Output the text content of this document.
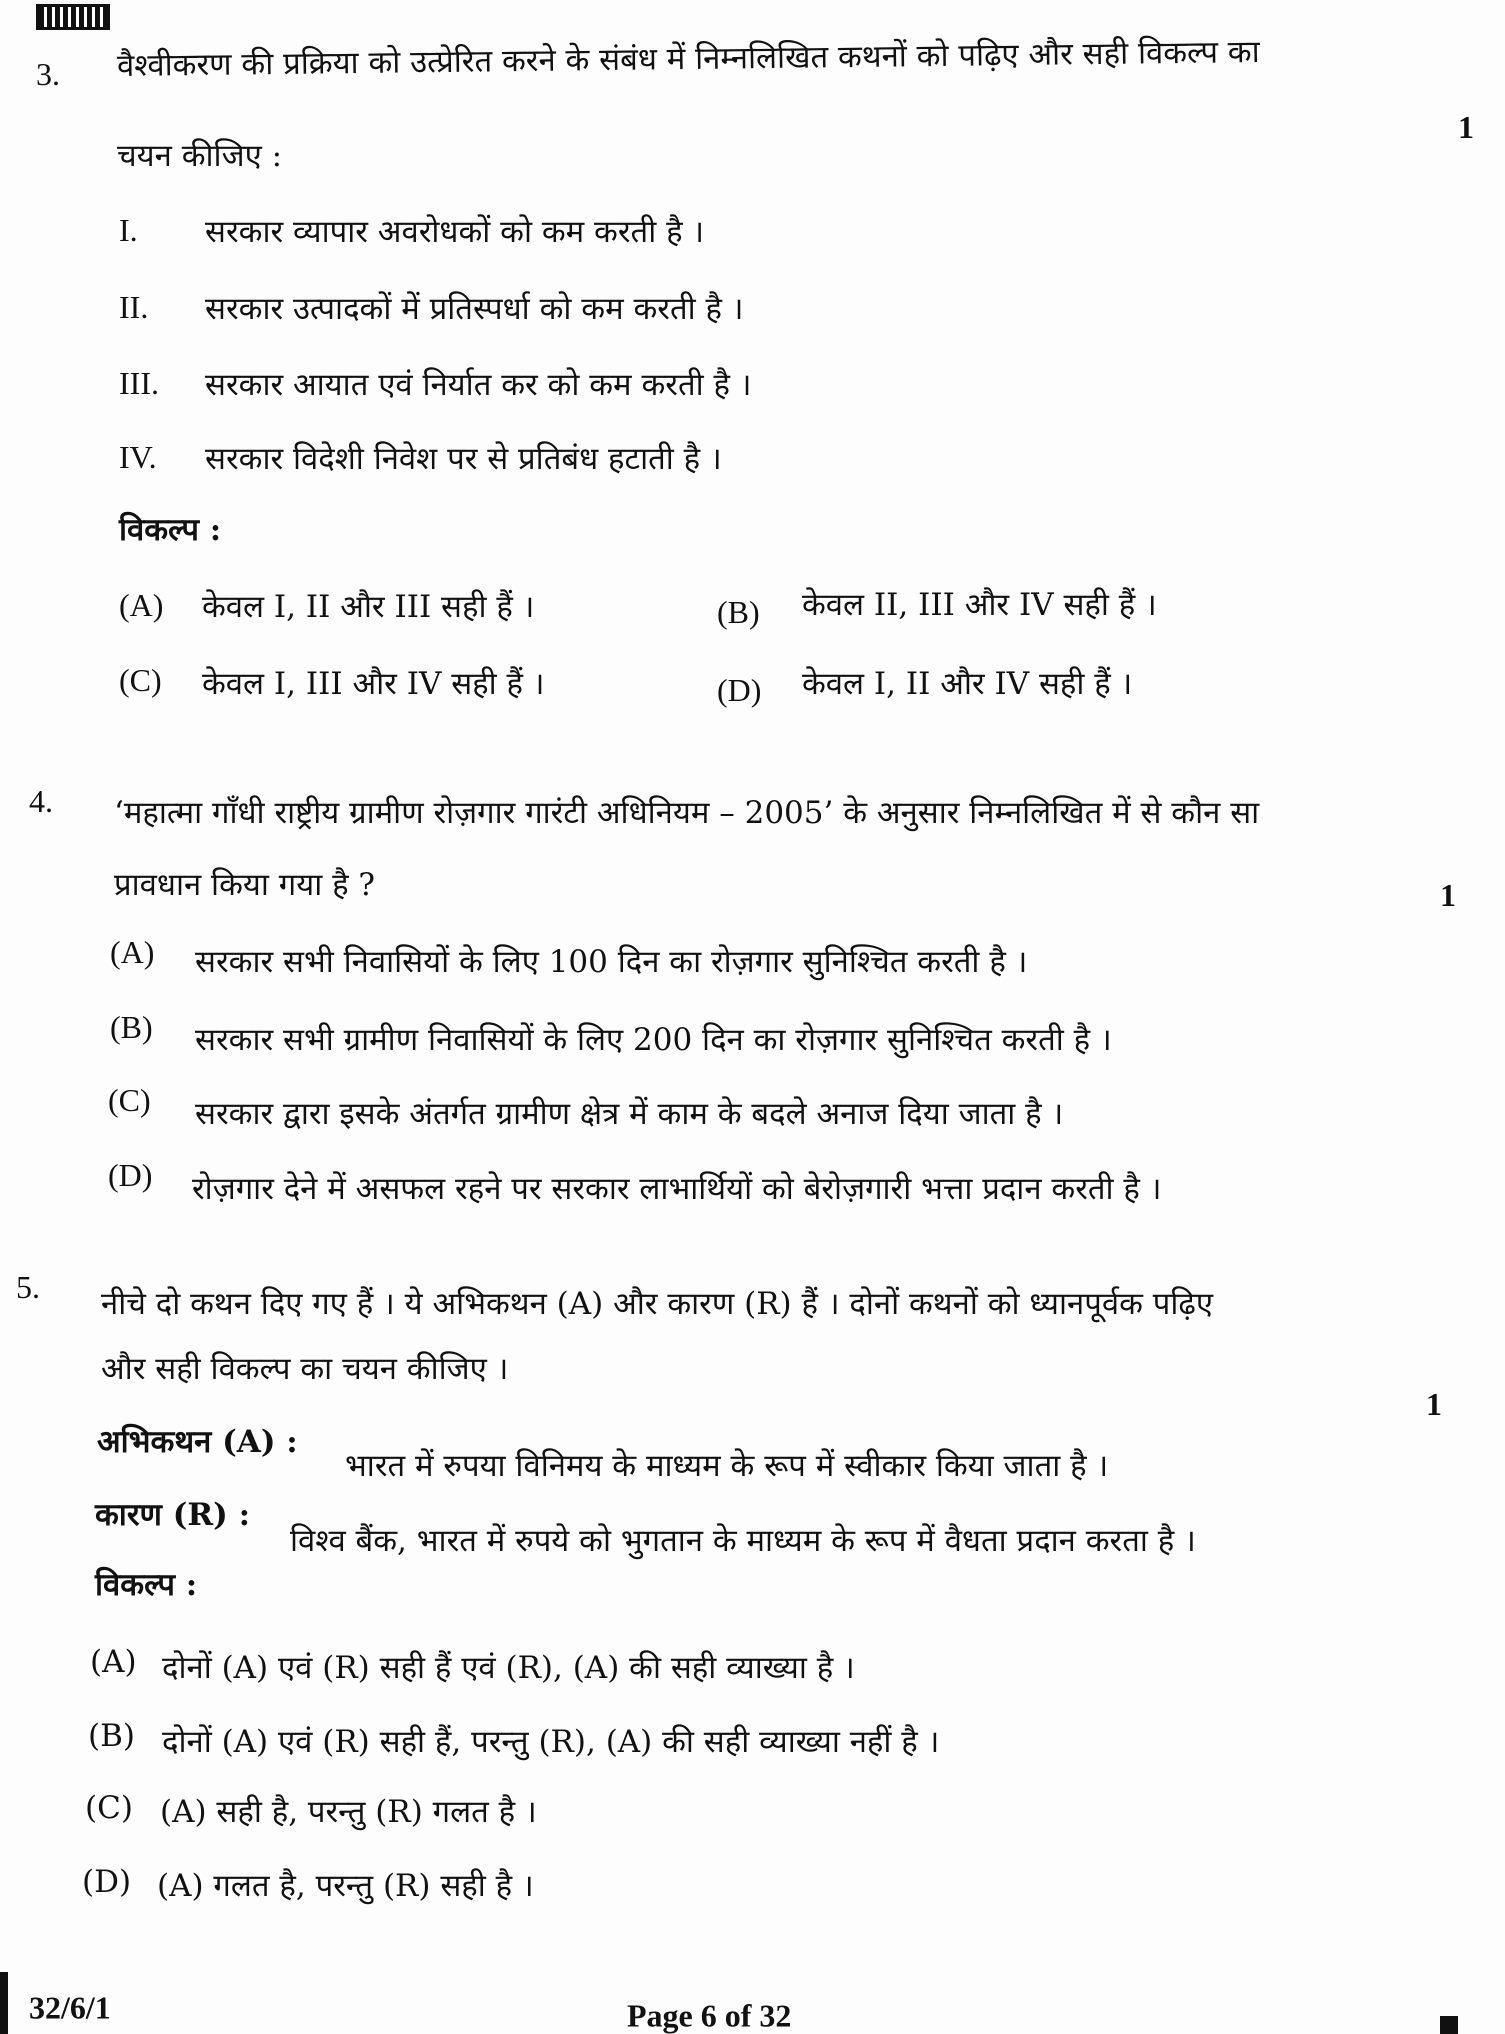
3. वैश्वीकरण की प्रक्रिया को उत्प्रेरित करने के संबंध में निम्नलिखित कथनों को पढ़िए और सही विकल्प का
चयन कीजिए :
1
I. सरकार व्यापार अवरोधकों को कम करती है ।
II. सरकार उत्पादकों में प्रतिस्पर्धा को कम करती है ।
III. सरकार आयात एवं निर्यात कर को कम करती है ।
IV. सरकार विदेशी निवेश पर से प्रतिबंध हटाती है ।
विकल्प :
(A) केवल I, II और III सही हैं ।	(B) केवल II, III और IV सही हैं ।
(C) केवल I, III और IV सही हैं ।	(D) केवल I, II और IV सही हैं ।
4. ‘महात्मा गाँधी राष्ट्रीय ग्रामीण रोज़गार गारंटी अधिनियम – 2005’ के अनुसार निम्नलिखित में से कौन सा
प्रावधान किया गया है ?	1
(A) सरकार सभी निवासियों के लिए 100 दिन का रोज़गार सुनिश्चित करती है ।
(B) सरकार सभी ग्रामीण निवासियों के लिए 200 दिन का रोज़गार सुनिश्चित करती है ।
(C) सरकार द्वारा इसके अंतर्गत ग्रामीण क्षेत्र में काम के बदले अनाज दिया जाता है ।
(D) रोज़गार देने में असफल रहने पर सरकार लाभार्थियों को बेरोज़गारी भत्ता प्रदान करती है ।
5. नीचे दो कथन दिए गए हैं । ये अभिकथन (A) और कारण (R) हैं । दोनों कथनों को ध्यानपूर्वक पढ़िए
और सही विकल्प का चयन कीजिए ।
1
अभिकथन (A) :
भारत में रुपया विनिमय के माध्यम के रूप में स्वीकार किया जाता है ।
कारण (R) :
विश्व बैंक, भारत में रुपये को भुगतान के माध्यम के रूप में वैधता प्रदान करता है ।
विकल्प :
(A) दोनों (A) एवं (R) सही हैं एवं (R), (A) की सही व्याख्या है ।
(B) दोनों (A) एवं (R) सही हैं, परन्तु (R), (A) की सही व्याख्या नहीं है ।
(C) (A) सही है, परन्तु (R) गलत है ।
(D) (A) गलत है, परन्तु (R) सही है ।
32/6/1	Page 6 of 32
